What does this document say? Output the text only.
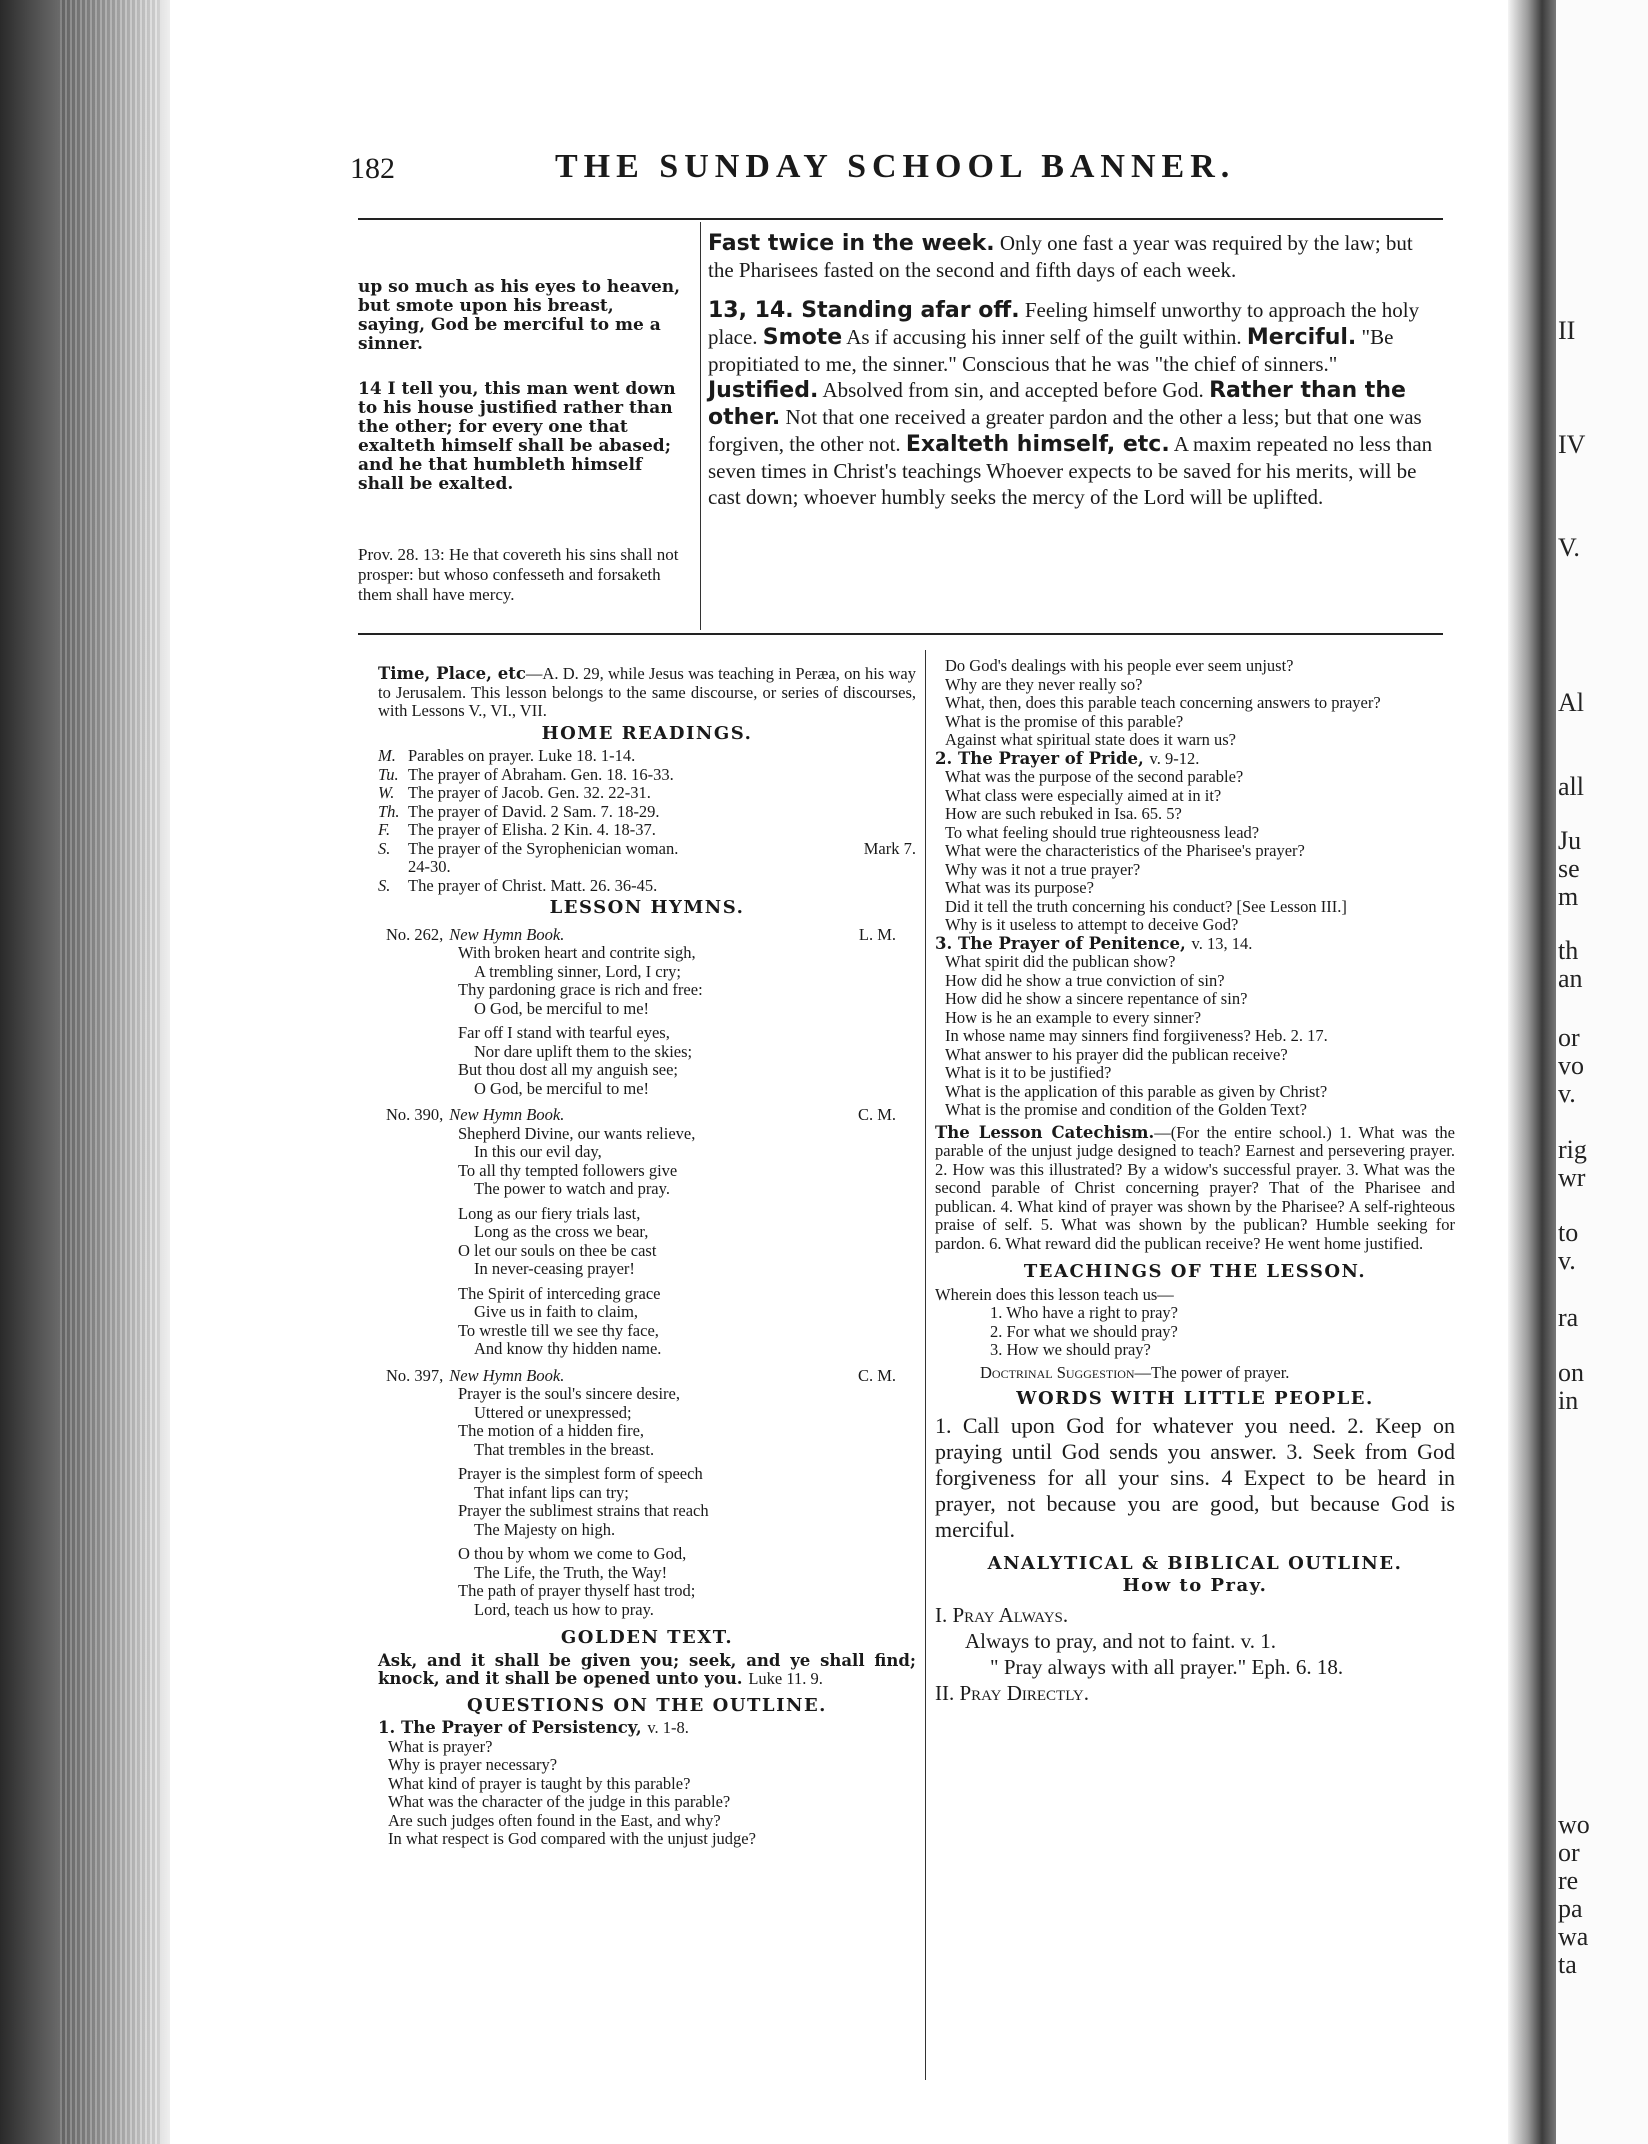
II
IV
V.
Al
all
Ju
se
m
th
an
or
vo
v.
rig
wr
to
v.
ra
on
in
wo
or
re
pa
wa
ta
182	THE SUNDAY SCHOOL BANNER.
up so much as his eyes to heaven, but smote upon his breast, saying, God be merciful to me a sinner.
14 I tell you, this man went down to his house justified rather than the other; for every one that exalteth himself shall be abased; and he that humbleth himself shall be exalted.
Prov. 28. 13: He that covereth his sins shall not prosper: but whoso confesseth and forsaketh them shall have mercy.

Fast twice in the week. Only one fast a year was required by the law; but the Pharisees fasted on the second and fifth days of each week.

13, 14. Standing afar off. Feeling himself unworthy to approach the holy place. Smote As if accusing his inner self of the guilt within. Merciful. "Be propitiated to me, the sinner." Conscious that he was "the chief of sinners." Justified. Absolved from sin, and accepted before God. Rather than the other. Not that one received a greater pardon and the other a less; but that one was forgiven, the other not. Exalteth himself, etc. A maxim repeated no less than seven times in Christ's teachings Whoever expects to be saved for his merits, will be cast down; whoever humbly seeks the mercy of the Lord will be uplifted.

Time, Place, etc—A. D. 29, while Jesus was teaching in Peræa, on his way to Jerusalem. This lesson belongs to the same discourse, or series of discourses, with Lessons V., VI., VII.

HOME READINGS.
M. Parables on prayer. Luke 18. 1-14.
Tu. The prayer of Abraham. Gen. 18. 16-33.
W. The prayer of Jacob. Gen. 32. 22-31.
Th. The prayer of David. 2 Sam. 7. 18-29.
F.	The prayer of Elisha. 2 Kin. 4. 18-37.
S.	The prayer of the Syrophenician woman.	Mark 7.
24-30.
S.	The prayer of Christ. Matt. 26. 36-45.
LESSON HYMNS.
No. 262, New Hymn Book.	L. M.
With broken heart and contrite sigh,
A trembling sinner, Lord, I cry;
Thy pardoning grace is rich and free:
O God, be merciful to me!
Far off I stand with tearful eyes,
Nor dare uplift them to the skies;
But thou dost all my anguish see;
O God, be merciful to me!
No. 390, New Hymn Book.	C. M.
Shepherd Divine, our wants relieve,
In this our evil day,
To all thy tempted followers give
The power to watch and pray.
Long as our fiery trials last,
Long as the cross we bear,
O let our souls on thee be cast
In never-ceasing prayer!
The Spirit of interceding grace
Give us in faith to claim,
To wrestle till we see thy face,
And know thy hidden name.
No. 397, New Hymn Book.	C. M.
Prayer is the soul's sincere desire,
Uttered or unexpressed;
The motion of a hidden fire,
That trembles in the breast.
Prayer is the simplest form of speech
That infant lips can try;
Prayer the sublimest strains that reach
The Majesty on high.
O thou by whom we come to God,
The Life, the Truth, the Way!
The path of prayer thyself hast trod;
Lord, teach us how to pray.
GOLDEN TEXT.

Ask, and it shall be given you; seek, and ye shall find; knock, and it shall be opened unto you. Luke 11. 9.

QUESTIONS ON THE OUTLINE.

1. The Prayer of Persistency, v. 1-8.

What is prayer?
Why is prayer necessary?
What kind of prayer is taught by this parable?
What was the character of the judge in this parable?
Are such judges often found in the East, and why?
In what respect is God compared with the unjust judge?
Do God's dealings with his people ever seem unjust?
Why are they never really so?
What, then, does this parable teach concerning answers to prayer?
What is the promise of this parable?
Against what spiritual state does it warn us?

2. The Prayer of Pride, v. 9-12.

What was the purpose of the second parable?
What class were especially aimed at in it?
How are such rebuked in Isa. 65. 5?
To what feeling should true righteousness lead?
What were the characteristics of the Pharisee's prayer?
Why was it not a true prayer?
What was its purpose?
Did it tell the truth concerning his conduct? [See Lesson III.]
Why is it useless to attempt to deceive God?

3. The Prayer of Penitence, v. 13, 14.

What spirit did the publican show?
How did he show a true conviction of sin?
How did he show a sincere repentance of sin?
How is he an example to every sinner?
In whose name may sinners find forgiiveness? Heb. 2. 17.
What answer to his prayer did the publican receive?
What is it to be justified?
What is the application of this parable as given by Christ?
What is the promise and condition of the Golden Text?

The Lesson Catechism.—(For the entire school.) 1. What was the parable of the unjust judge designed to teach? Earnest and persevering prayer. 2. How was this illustrated? By a widow's successful prayer. 3. What was the second parable of Christ concerning prayer? That of the Pharisee and publican. 4. What kind of prayer was shown by the Pharisee? A self-righteous praise of self. 5. What was shown by the publican? Humble seeking for pardon. 6. What reward did the publican receive? He went home justified.

TEACHINGS OF THE LESSON.

Wherein does this lesson teach us—

1. Who have a right to pray?
2. For what we should pray?
3. How we should pray?

Doctrinal Suggestion—The power of prayer.

WORDS WITH LITTLE PEOPLE.

1. Call upon God for whatever you need. 2. Keep on praying until God sends you answer. 3. Seek from God forgiveness for all your sins. 4 Expect to be heard in prayer, not because you are good, but because God is merciful.

ANALYTICAL & BIBLICAL OUTLINE.
How to Pray.
I. Pray Always.
Always to pray, and not to faint. v. 1.
" Pray always with all prayer." Eph. 6. 18.
II. Pray Directly.
